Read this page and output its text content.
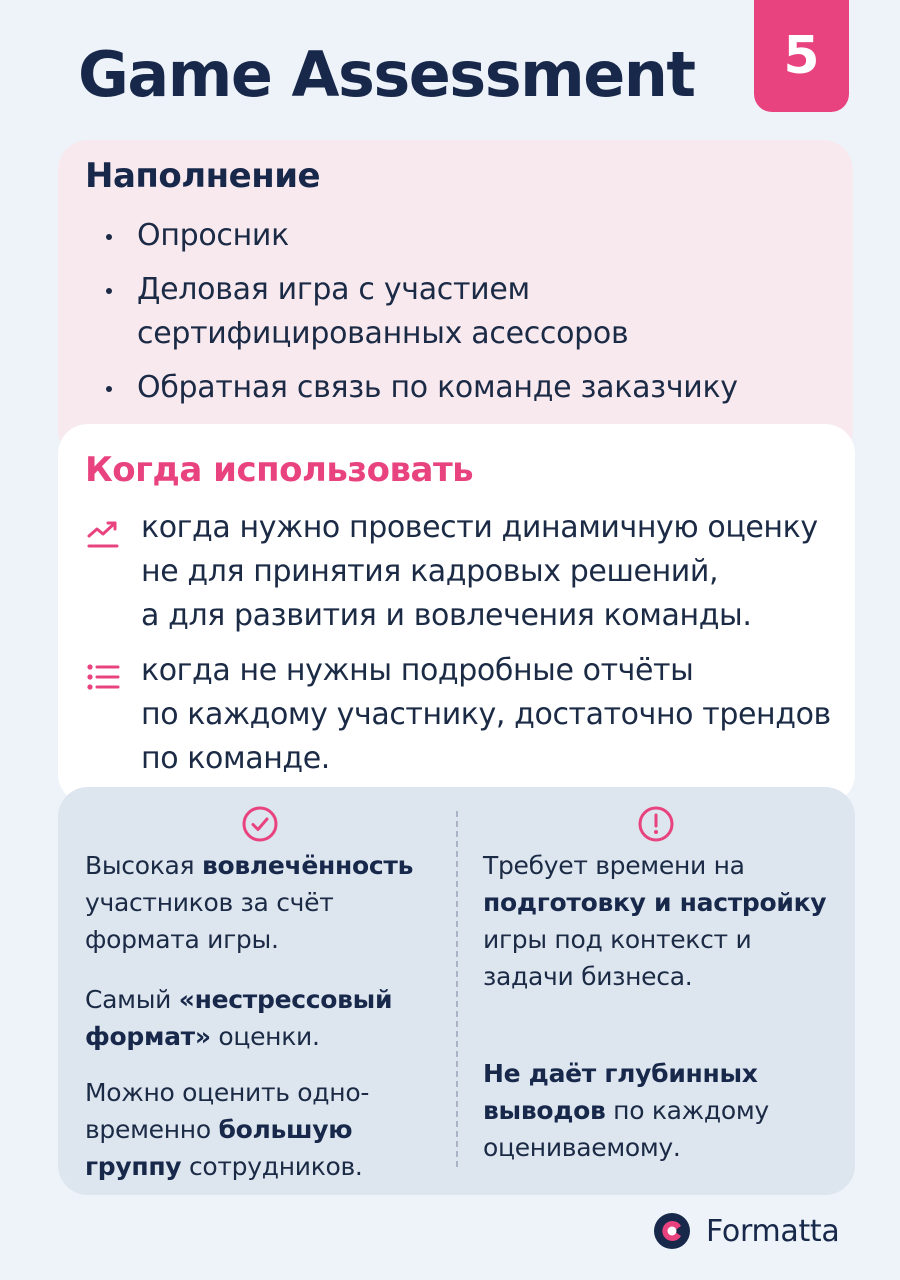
Game Assessment	5
Наполнение
Опросник
Деловая игра с участием
сертифицированных асессоров
Обратная связь по команде заказчику
Когда использовать
когда нужно провести динамичную оценку
не для принятия кадровых решений,
а для развития и вовлечения команды.
когда не нужны подробные отчёты
по каждому участнику, достаточно трендов
по команде.

Высокая вовлечённость участников за счёт формата игры.

Самый «нестрессовый формат» оценки.

Можно оценить одно-временно большую группу сотрудников.

Требует времени на подготовку и настройку игры под контекст и задачи бизнеса.

Не даёт глубинных выводов по каждому оцениваемому.

Formatta
